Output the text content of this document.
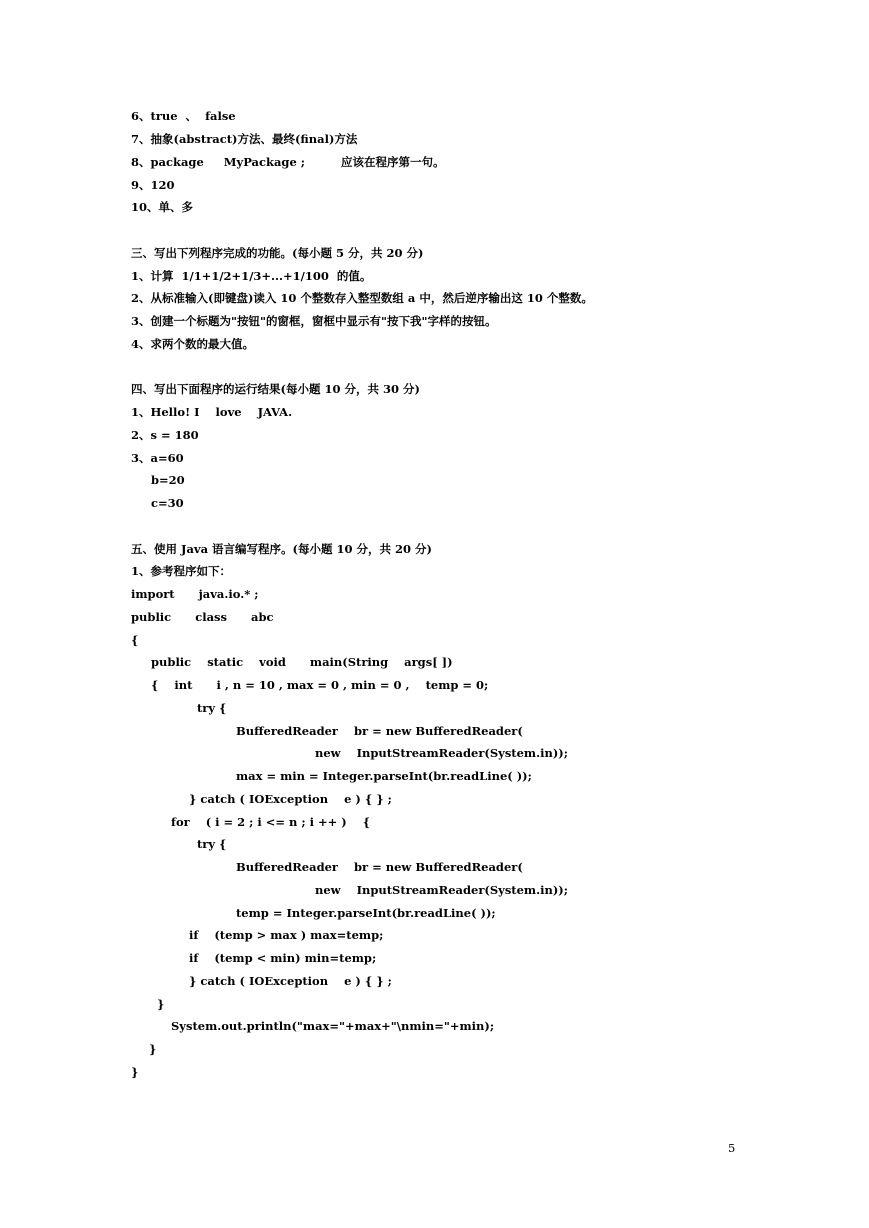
6、true  、  false
7、抽象(abstract)方法、最终(final)方法
8、package     MyPackage ;         应该在程序第一句。
9、120
10、单、多
三、写出下列程序完成的功能。(每小题 5 分，共 20 分)
1、计算  1/1+1/2+1/3+...+1/100  的值。
2、从标准输入(即键盘)读入 10 个整数存入整型数组 a 中，然后逆序输出这 10 个整数。
3、创建一个标题为"按钮"的窗框，窗框中显示有"按下我"字样的按钮。
4、求两个数的最大值。
四、写出下面程序的运行结果(每小题 10 分，共 30 分)
1、Hello! I    love    JAVA.
2、s = 180
3、a=60
b=20
c=30
五、使用 Java 语言编写程序。(每小题 10 分，共 20 分)
1、参考程序如下：
import      java.io.* ;
public      class      abc
{
public    static    void      main(String    args[ ])
{    int      i , n = 10 , max = 0 , min = 0 ,    temp = 0;
try {
BufferedReader    br = new BufferedReader(
new    InputStreamReader(System.in));
max = min = Integer.parseInt(br.readLine( ));
} catch ( IOException    e ) { } ;
for    ( i = 2 ; i <= n ; i ++ )    {
try {
BufferedReader    br = new BufferedReader(
new    InputStreamReader(System.in));
temp = Integer.parseInt(br.readLine( ));
if    (temp > max ) max=temp;
if    (temp < min) min=temp;
} catch ( IOException    e ) { } ;
}
System.out.println("max="+max+"\nmin="+min);
}
}
5
